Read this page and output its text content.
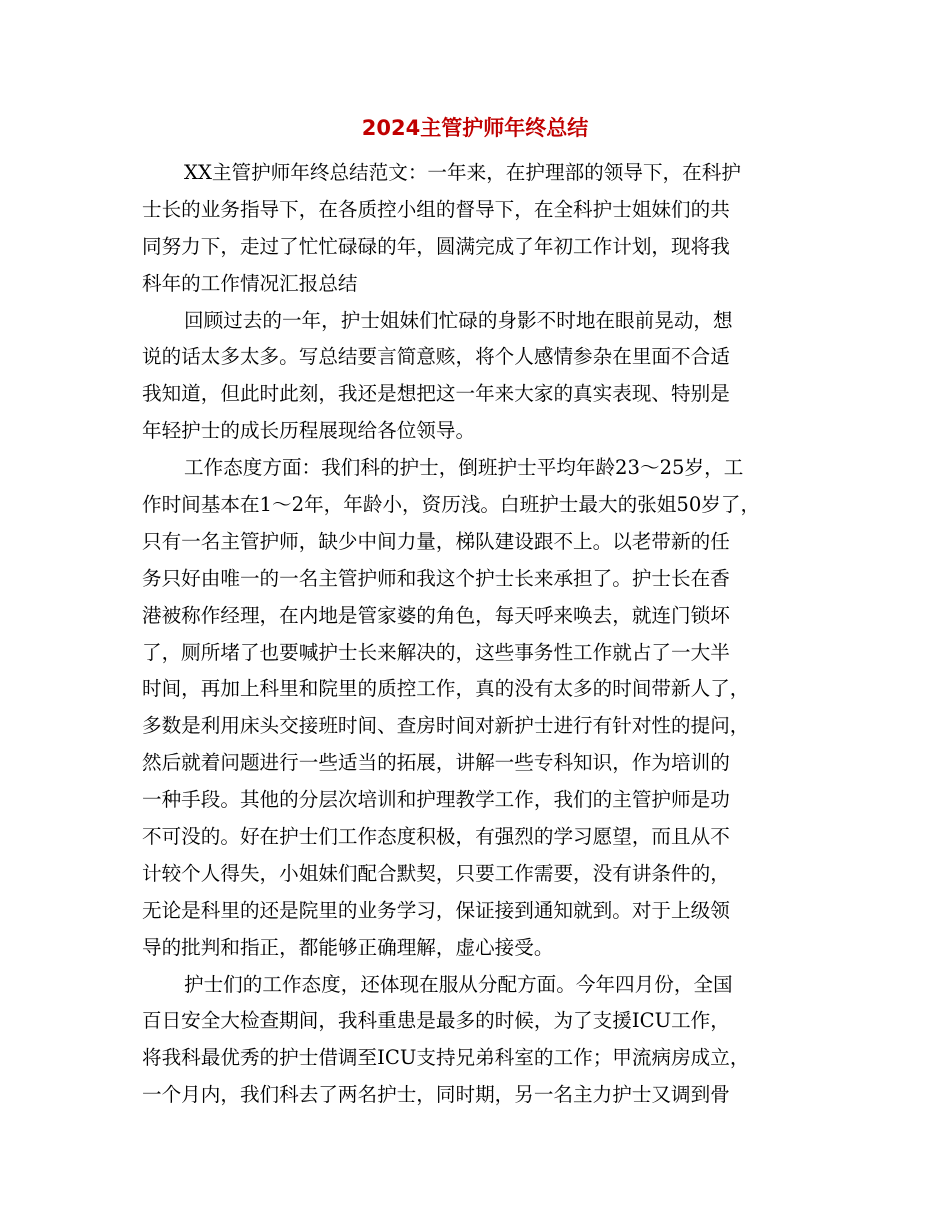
2024主管护师年终总结
XX主管护师年终总结范文：一年来，在护理部的领导下，在科护
士长的业务指导下，在各质控小组的督导下，在全科护士姐妹们的共
同努力下，走过了忙忙碌碌的年，圆满完成了年初工作计划，现将我
科年的工作情况汇报总结
回顾过去的一年，护士姐妹们忙碌的身影不时地在眼前晃动，想
说的话太多太多。写总结要言简意赅，将个人感情参杂在里面不合适
我知道，但此时此刻，我还是想把这一年来大家的真实表现、特别是
年轻护士的成长历程展现给各位领导。
工作态度方面：我们科的护士，倒班护士平均年龄23～25岁，工
作时间基本在1～2年，年龄小，资历浅。白班护士最大的张姐50岁了，
只有一名主管护师，缺少中间力量，梯队建设跟不上。以老带新的任
务只好由唯一的一名主管护师和我这个护士长来承担了。护士长在香
港被称作经理，在内地是管家婆的角色，每天呼来唤去，就连门锁坏
了，厕所堵了也要喊护士长来解决的，这些事务性工作就占了一大半
时间，再加上科里和院里的质控工作，真的没有太多的时间带新人了，
多数是利用床头交接班时间、查房时间对新护士进行有针对性的提问，
然后就着问题进行一些适当的拓展，讲解一些专科知识，作为培训的
一种手段。其他的分层次培训和护理教学工作，我们的主管护师是功
不可没的。好在护士们工作态度积极，有强烈的学习愿望，而且从不
计较个人得失，小姐妹们配合默契，只要工作需要，没有讲条件的，
无论是科里的还是院里的业务学习，保证接到通知就到。对于上级领
导的批判和指正，都能够正确理解，虚心接受。
护士们的工作态度，还体现在服从分配方面。今年四月份，全国
百日安全大检查期间，我科重患是最多的时候，为了支援ICU工作，
将我科最优秀的护士借调至ICU支持兄弟科室的工作；甲流病房成立，
一个月内，我们科去了两名护士，同时期，另一名主力护士又调到骨
